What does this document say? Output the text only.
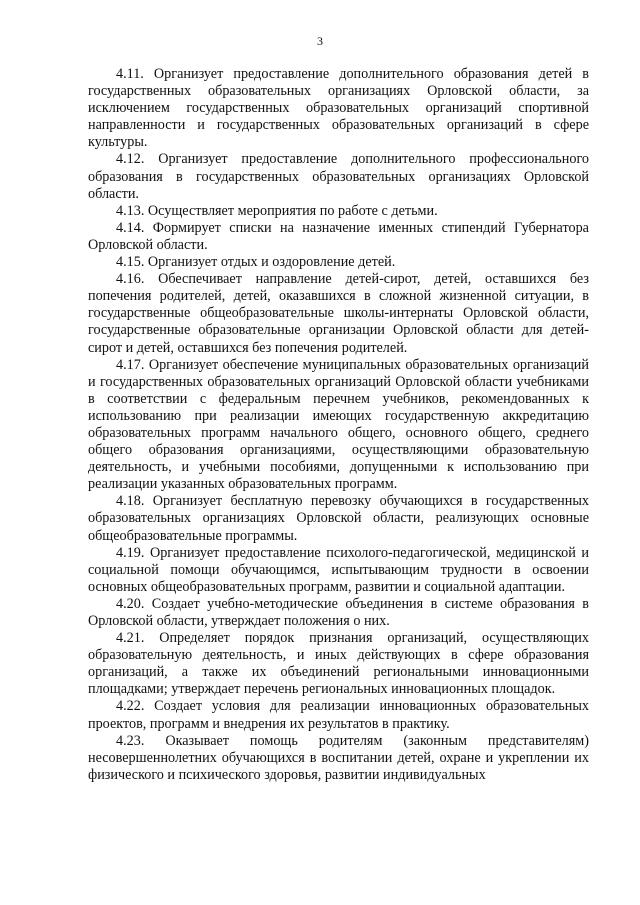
3

4.11. Организует предоставление дополнительного образования детей в государственных образовательных организациях Орловской области, за исключением государственных образовательных организаций спортивной направленности и государственных образовательных организаций в сфере культуры.

4.12. Организует предоставление дополнительного профессионального образования в государственных образовательных организациях Орловской области.

4.13. Осуществляет мероприятия по работе с детьми.

4.14. Формирует списки на назначение именных стипендий Губернатора Орловской области.

4.15. Организует отдых и оздоровление детей.

4.16. Обеспечивает направление детей-сирот, детей, оставшихся без попечения родителей, детей, оказавшихся в сложной жизненной ситуации, в государственные общеобразовательные школы-интернаты Орловской области, государственные образовательные организации Орловской области для детей-сирот и детей, оставшихся без попечения родителей.

4.17. Организует обеспечение муниципальных образовательных организаций и государственных образовательных организаций Орловской области учебниками в соответствии с федеральным перечнем учебников, рекомендованных к использованию при реализации имеющих государственную аккредитацию образовательных программ начального общего, основного общего, среднего общего образования организациями, осуществляющими образовательную деятельность, и учебными пособиями, допущенными к использованию при реализации указанных образовательных программ.

4.18. Организует бесплатную перевозку обучающихся в государственных образовательных организациях Орловской области, реализующих основные общеобразовательные программы.

4.19. Организует предоставление психолого-педагогической, медицинской и социальной помощи обучающимся, испытывающим трудности в освоении основных общеобразовательных программ, развитии и социальной адаптации.

4.20. Создает учебно-методические объединения в системе образования в Орловской области, утверждает положения о них.

4.21. Определяет порядок признания организаций, осуществляющих образовательную деятельность, и иных действующих в сфере образования организаций, а также их объединений региональными инновационными площадками; утверждает перечень региональных инновационных площадок.

4.22. Создает условия для реализации инновационных образовательных проектов, программ и внедрения их результатов в практику.

4.23. Оказывает помощь родителям (законным представителям) несовершеннолетних обучающихся в воспитании детей, охране и укреплении их физического и психического здоровья, развитии индивидуальных
